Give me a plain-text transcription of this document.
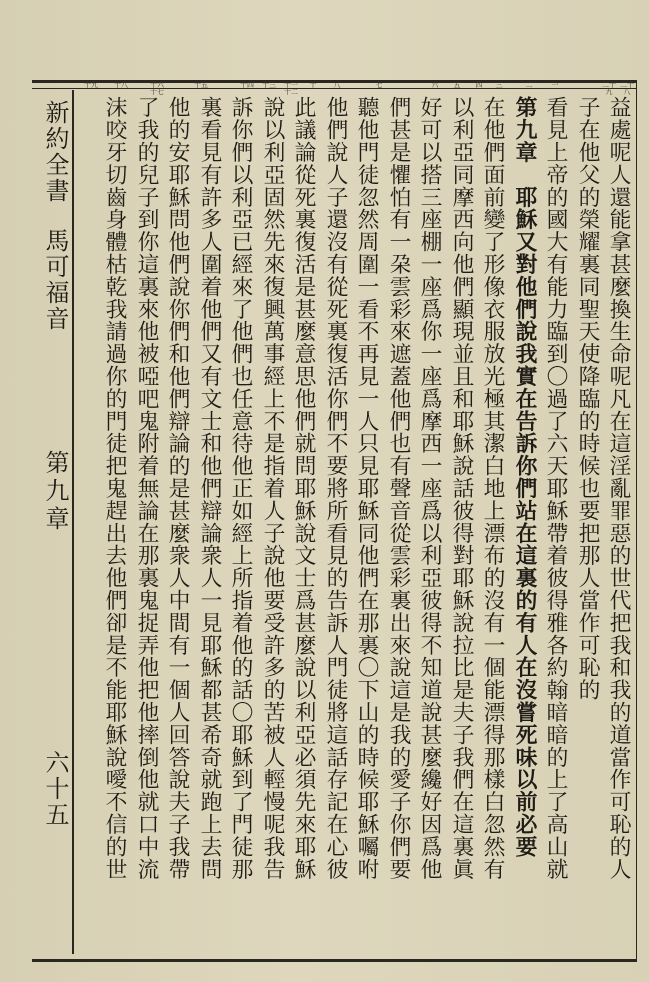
新約全書 馬可福音
第九章
六十五
二十八
二十九
一
二
三
四
五
六
七
八
十
十一十二
十三
十四
十五
十六十七
十八
十九
益處呢人還能拿甚麼換生命呢凡在這淫亂罪惡的世代把我和我的道當作可恥的人
子在他父的榮耀裏同聖天使降臨的時候也要把那人當作可恥的
看見上帝的國大有能力臨到〇過了六天耶穌帶着彼得雅各約翰暗暗的上了高山就
第九章　耶穌又對他們說我實在告訴你們站在這裏的有人在沒嘗死味以前必要
在他們面前變了形像衣服放光極其潔白地上漂布的沒有一個能漂得那樣白忽然有
以利亞同摩西向他們顯現並且和耶穌說話彼得對耶穌說拉比是夫子我們在這裏眞
好可以搭三座棚一座爲你一座爲摩西一座爲以利亞彼得不知道說甚麼纔好因爲他
們甚是懼怕有一朶雲彩來遮蓋他們也有聲音從雲彩裏出來說這是我的愛子你們要
聽他門徒忽然周圍一看不再見一人只見耶穌同他們在那裏〇下山的時候耶穌囑咐
他們說人子還沒有從死裏復活你們不要將所看見的告訴人門徒將這話存記在心彼
此議論從死裏復活是甚麼意思他們就問耶穌說文士爲甚麼說以利亞必須先來耶穌
說以利亞固然先來復興萬事經上不是指着人子說他要受許多的苦被人輕慢呢我告
訴你們以利亞已經來了他們也任意待他正如經上所指着他的話〇耶穌到了門徒那
裏看見有許多人圍着他們又有文士和他們辯論衆人一見耶穌都甚希奇就跑上去問
他的安耶穌問他們說你們和他們辯論的是甚麼衆人中間有一個人回答說夫子我帶
了我的兒子到你這裏來他被啞吧鬼附着無論在那裏鬼捉弄他把他摔倒他就口中流
沫咬牙切齒身體枯乾我請過你的門徒把鬼趕出去他們卻是不能耶穌說噯不信的世
